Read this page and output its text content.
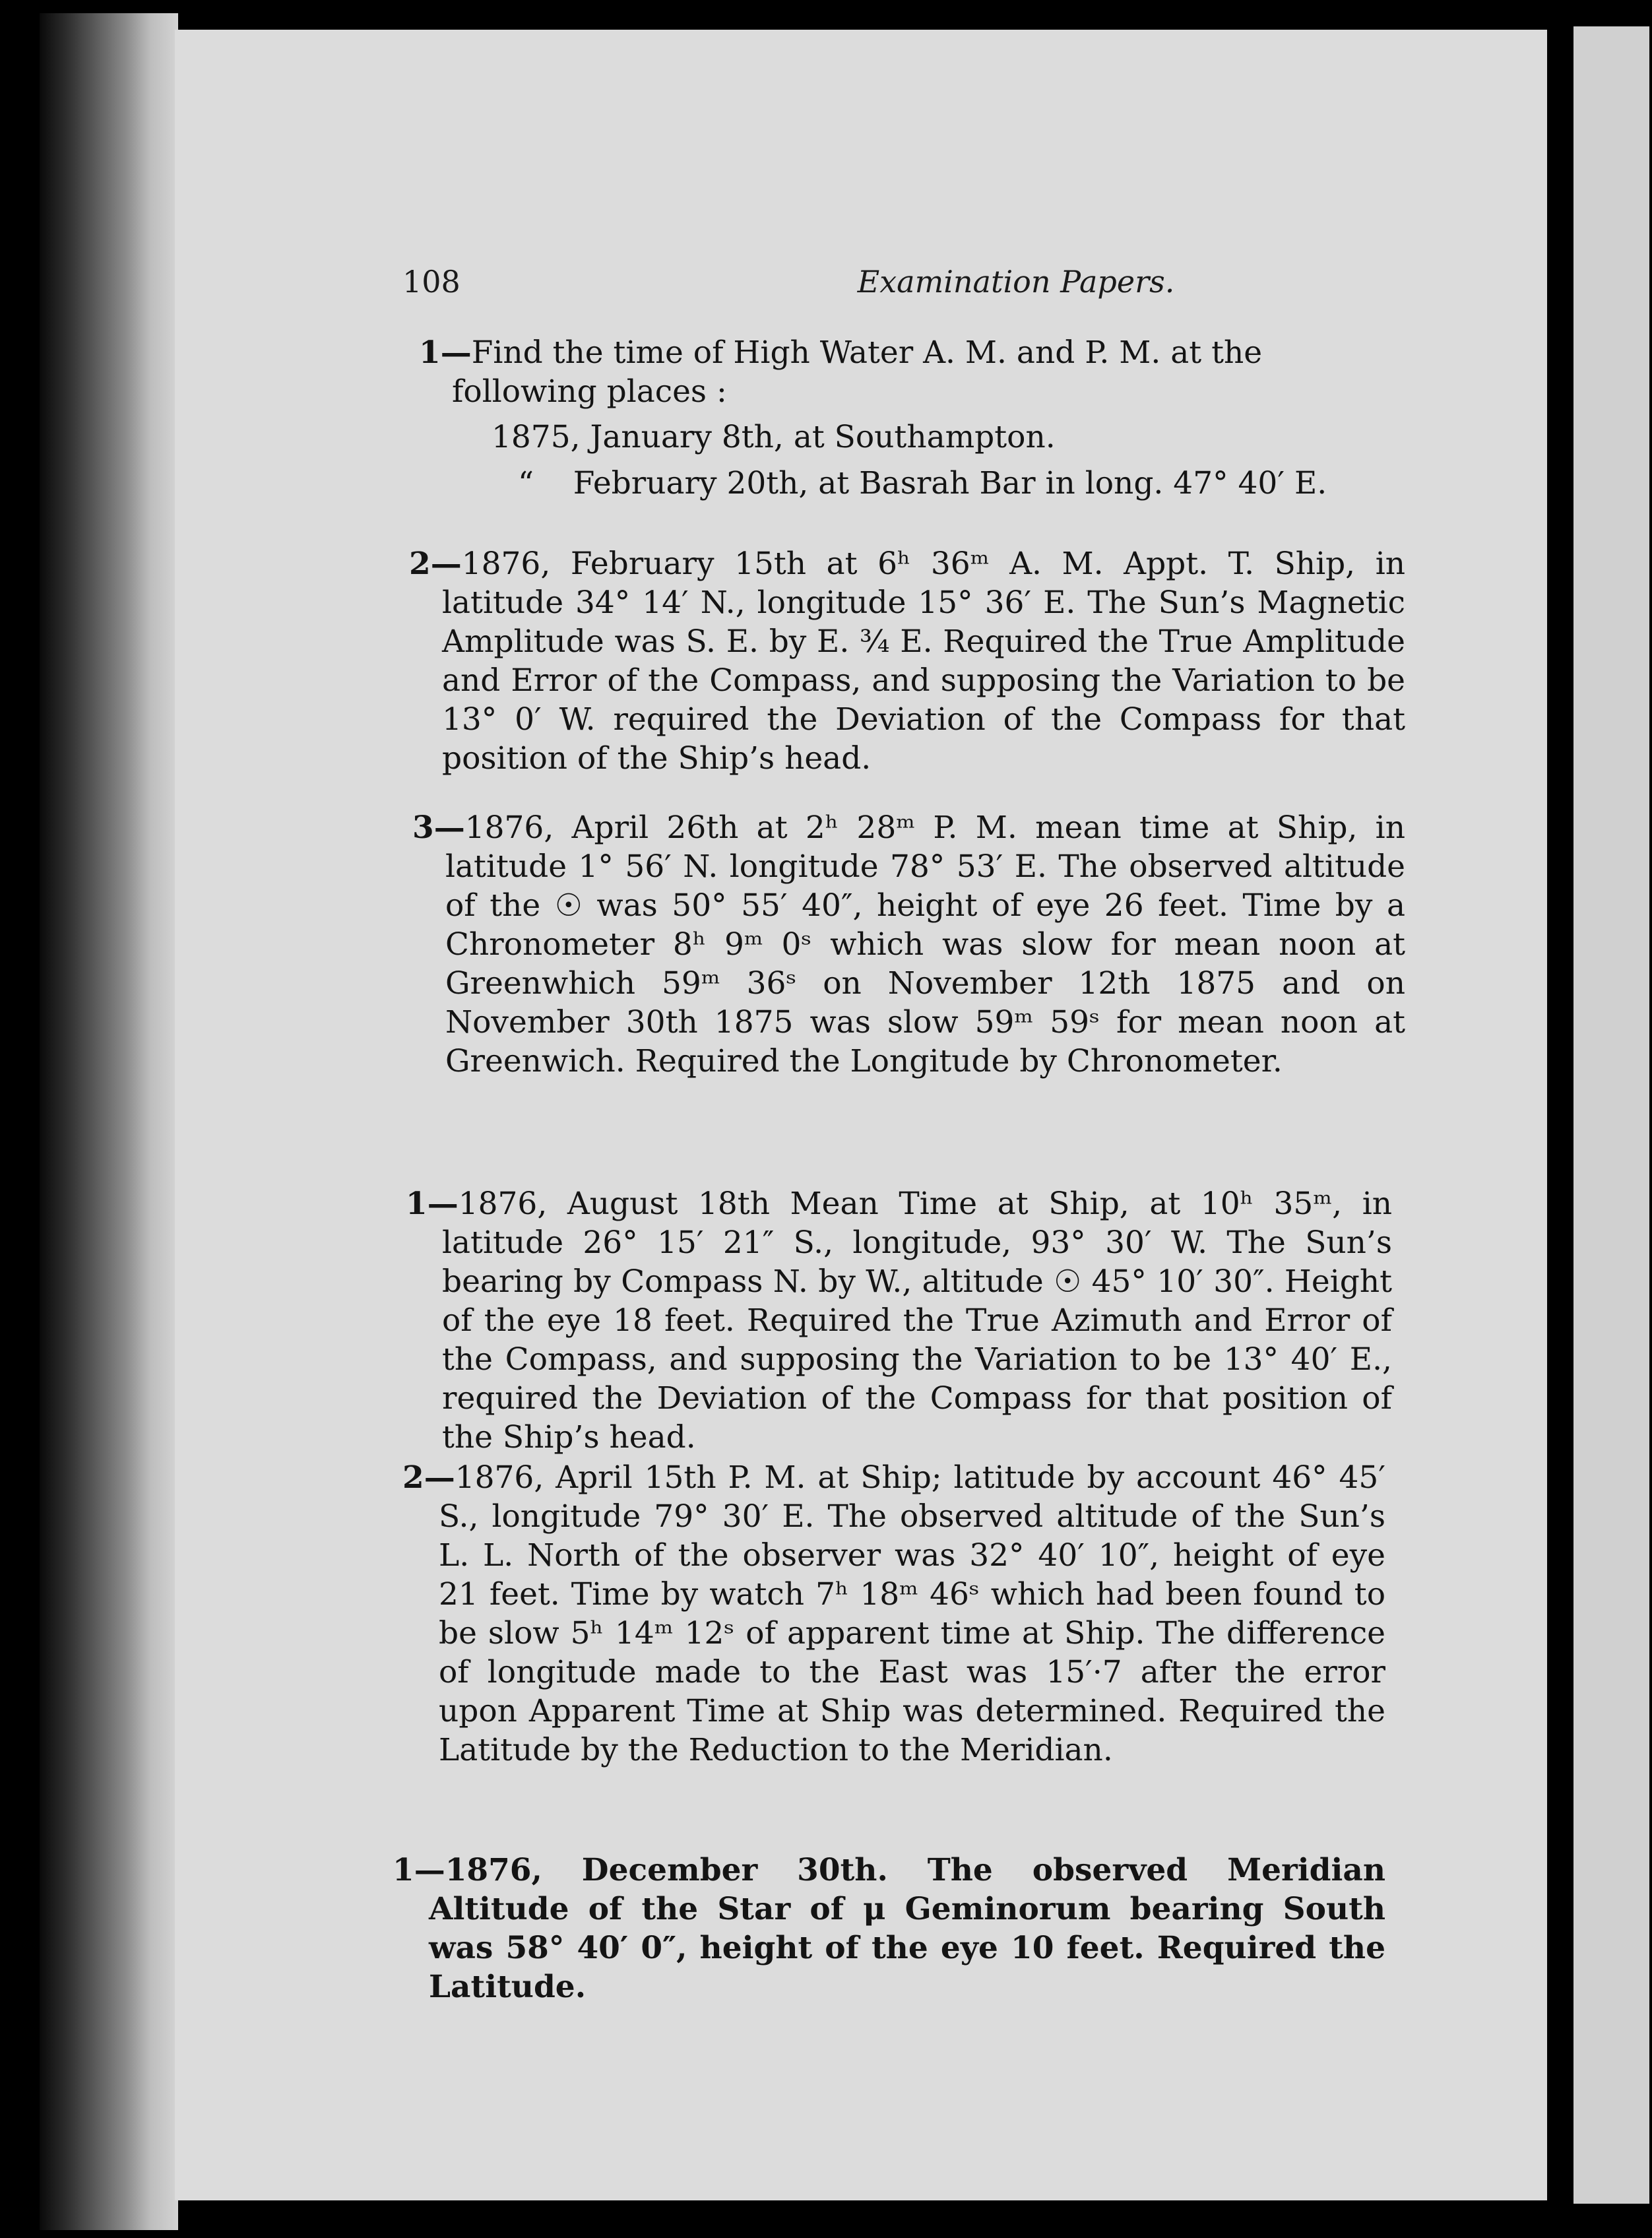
108	Examination Papers.
1—Find the time of High Water A. M. and P. M. at the following places :
1875, January 8th, at Southampton.
“    February 20th, at Basrah Bar in long. 47° 40′ E.
2—1876, February 15th at 6ʰ 36ᵐ A. M. Appt. T. Ship, in latitude 34° 14′ N., longitude 15° 36′ E. The Sun’s Magnetic Amplitude was S. E. by E. ¾ E. Required the True Amplitude and Error of the Compass, and supposing the Variation to be 13° 0′ W. required the Deviation of the Compass for that position of the Ship’s head.
3—1876, April 26th at 2ʰ 28ᵐ P. M. mean time at Ship, in latitude 1° 56′ N. longitude 78° 53′ E. The observed altitude of the ☉ was 50° 55′ 40″, height of eye 26 feet. Time by a Chronometer 8ʰ 9ᵐ 0ˢ which was slow for mean noon at Greenwhich 59ᵐ 36ˢ on November 12th 1875 and on November 30th 1875 was slow 59ᵐ 59ˢ for mean noon at Greenwich. Required the Longitude by Chronometer.
1—1876, August 18th Mean Time at Ship, at 10ʰ 35ᵐ, in latitude 26° 15′ 21″ S., longitude, 93° 30′ W. The Sun’s bearing by Compass N. by W., altitude ☉ 45° 10′ 30″. Height of the eye 18 feet. Required the True Azimuth and Error of the Compass, and supposing the Variation to be 13° 40′ E., required the Deviation of the Compass for that position of the Ship’s head.
2—1876, April 15th P. M. at Ship; latitude by account 46° 45′ S., longitude 79° 30′ E. The observed altitude of the Sun’s L. L. North of the observer was 32° 40′ 10″, height of eye 21 feet. Time by watch 7ʰ 18ᵐ 46ˢ which had been found to be slow 5ʰ 14ᵐ 12ˢ of apparent time at Ship. The difference of longitude made to the East was 15′·7 after the error upon Apparent Time at Ship was determined. Required the Latitude by the Reduction to the Meridian.
1—1876, December 30th. The observed Meridian Altitude of the Star of μ Geminorum bearing South was 58° 40′ 0″, height of the eye 10 feet. Required the Latitude.
